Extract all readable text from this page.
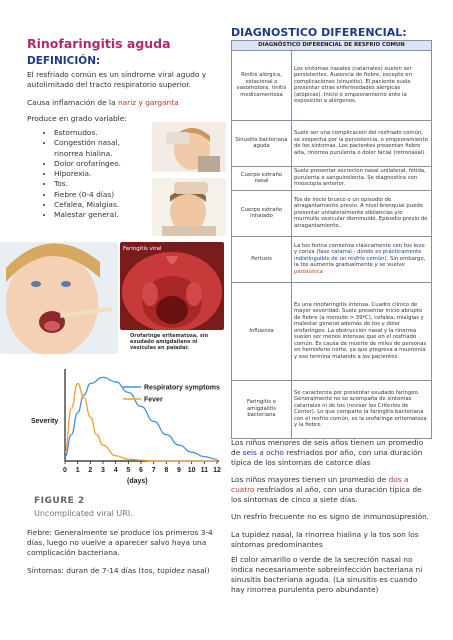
Rinofaringitis aguda
DEFINICIÓN:
El resfriado común es un síndrome viral agudo y autolimitado del tracto respiratorio superior.
Causa inflamación de la nariz y garganta
Produce en grado variable:
• Estornudos.
• Congestión nasal, rinorrea hialina.
• Dolor orofaríngeo.
• Hiporexia.
• Tos.
• Fiebre (0-4 días)
• Cefalea, Mialgias.
• Malestar general.
Faringitis viral
Orofaringe eritematosa, sin exudado amigdaliano ni vesículas en paladar.
Severity
(days)
0 1 2 3 4 5 6 7 8 9 10 11 12
Respiratory symptoms
Fever
FIGURE 2
Uncomplicated viral URI.
Fiebre: Generalmente se produce los primeros 3-4 días, luego no vuelve a aparecer salvo haya una complicación bacteriana.
Síntomas: duran de 7-14 días (tos, tupidez nasal)
DIAGNOSTICO DIFERENCIAL:
DIAGNÓSTICO DIFERENCIAL DE RESFRIO COMUN	
Rinitis alérgica, estacional o vasomotora, rinitis medicamentosa	Los síntomas nasales (catarrales) suelen ser persistentes. Ausencia de fiebre, excepto en complicaciones (sinusitis). El paciente suele presentar otras enfermedades alérgicas (atópicas). Inicio o empeoramiento ante la exposición a alérgenos.
Sinusitis bacteriana aguda	Suele ser una complicación del resfriado común, se sospecha por la persistencia, o empeoramiento de los síntomas. Los pacientes presentan fiebre alta, rinorrea purulenta o dolor facial (retronasal).
Cuerpo extraño nasal	Suele presentar secreción nasal unilateral, fétida, purulenta o sanguinolenta. Se diagnostica con rinoscopia anterior.
Cuerpo extraño inhalado	Tos de inicio brusco o un episodio de atragantamiento previo. A nivel bronquial puede presentar unilateralmente sibilancias y/o murmullo vesicular disminuido. Episodio previo de atragantamiento.
Pertusis	La tos ferina comienza clásicamente con tos leve y coriza (fase catarral - donde es prácticamente indistinguible de un resfrío común). Sin embargo, la tos aumenta gradualmente y se vuelve paroxística
Influenza	Es una rinofaringitis intensa. Cuadro clínico de mayor severidad. Suele presentar inicio abrupto de fiebre (a menudo > 39ºC), cefalea, mialgias y malestar general además de tos y dolor orofaríngeo. La obstrucción nasal y la rinorrea suelen ser menos intensas que en el resfriado común. Es causa de muerte de miles de personas en hemisferio norte, ya que progresa a neumonía y eso termina matando a los pacientes.
Faringitis o amigdalitis bacteriana	Se caracteriza por presentar exudado faríngeo. Generalmente no se acompaña de síntomas catarrales ni de tos (revisar los Criterios de Centor). Lo que comparte la faringitis bacteriana con el resfrío común, es la orofaringe eritematosa y la fiebre.
Los niños menores de seis años tienen un promedio de seis a ocho resfriados por año, con una duración típica de los síntomas de catorce días
Los niños mayores tienen un promedio de dos a cuatro resfriados al año, con una duración típica de los síntomas de cinco a siete días.
Un resfrío frecuente no es signo de inmunosupresión.
La tupidez nasal, la rinorrea hialina y la tos son los síntomas predominantes
El color amarillo o verde de la secreción nasal no indica necesariamente sobreinfección bacteriana ni sinusitis bacteriana aguda. (La sinusitis es cuando hay rinorrea purulenta pero abundante)
